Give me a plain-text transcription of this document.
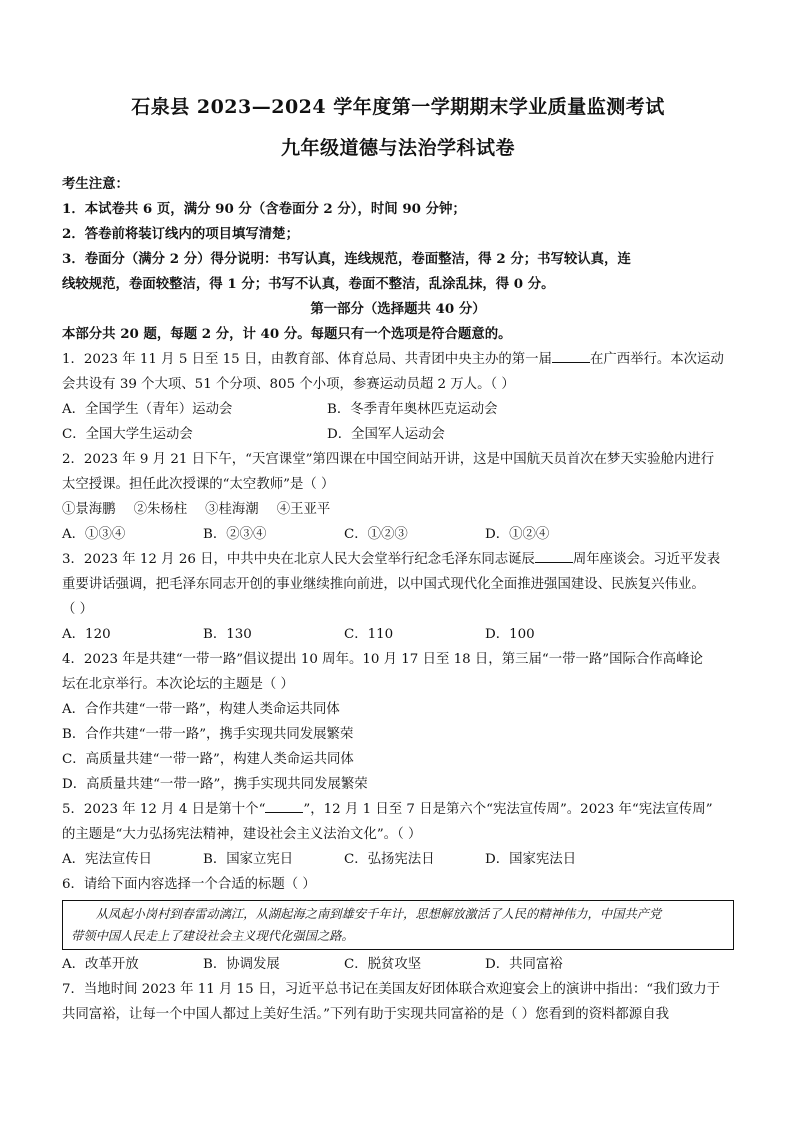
石泉县 2023—2024 学年度第一学期期末学业质量监测考试
九年级道德与法治学科试卷
考生注意：
1．本试卷共 6 页，满分 90 分（含卷面分 2 分），时间 90 分钟；
2．答卷前将装订线内的项目填写清楚；
3．卷面分（满分 2 分）得分说明：书写认真，连线规范，卷面整洁，得 2 分；书写较认真，连
线较规范，卷面较整洁，得 1 分；书写不认真，卷面不整洁，乱涂乱抹，得 0 分。
第一部分（选择题共 40 分）
本部分共 20 题，每题 2 分，计 40 分。每题只有一个选项是符合题意的。
1．2023 年 11 月 5 日至 15 日，由教育部、体育总局、共青团中央主办的第一届	在广西举行。本次运动
会共设有 39 个大项、51 个分项、805 个小项，参赛运动员超 2 万人。（ ）
A．全国学生（青年）运动会	B．冬季青年奥林匹克运动会
C．全国大学生运动会	D．全国军人运动会
2．2023 年 9 月 21 日下午，“天宫课堂”第四课在中国空间站开讲，这是中国航天员首次在梦天实验舱内进行
太空授课。担任此次授课的“太空教师”是（ ）
①景海鹏 ②朱杨柱 ③桂海潮 ④王亚平
A．①③④	B．②③④	C．①②③	D．①②④
3．2023 年 12 月 26 日，中共中央在北京人民大会堂举行纪念毛泽东同志诞辰	周年座谈会。习近平发表
重要讲话强调，把毛泽东同志开创的事业继续推向前进，以中国式现代化全面推进强国建设、民族复兴伟业。
（ ）
A．120	B．130	C．110	D．100
4．2023 年是共建“一带一路”倡议提出 10 周年。10 月 17 日至 18 日，第三届“一带一路”国际合作高峰论
坛在北京举行。本次论坛的主题是（ ）
A．合作共建“一带一路”，构建人类命运共同体
B．合作共建“一带一路”，携手实现共同发展繁荣
C．高质量共建“一带一路”，构建人类命运共同体
D．高质量共建“一带一路”，携手实现共同发展繁荣
5．2023 年 12 月 4 日是第十个“	”，12 月 1 日至 7 日是第六个“宪法宣传周”。2023 年“宪法宣传周”
的主题是“大力弘扬宪法精神，建设社会主义法治文化”。（ ）
A．宪法宣传日	B．国家立宪日	C．弘扬宪法日	D．国家宪法日
6．请给下面内容选择一个合适的标题（ ）
从凤起小岗村到春雷动漓江，从湖起海之南到雄安千年计，思想解放激活了人民的精神伟力，中国共产党
带领中国人民走上了建设社会主义现代化强国之路。
A．改革开放	B．协调发展	C．脱贫攻坚	D．共同富裕
7．当地时间 2023 年 11 月 15 日，习近平总书记在美国友好团体联合欢迎宴会上的演讲中指出：“我们致力于
共同富裕，让每一个中国人都过上美好生活。”下列有助于实现共同富裕的是（ ）您看到的资料都源自我
